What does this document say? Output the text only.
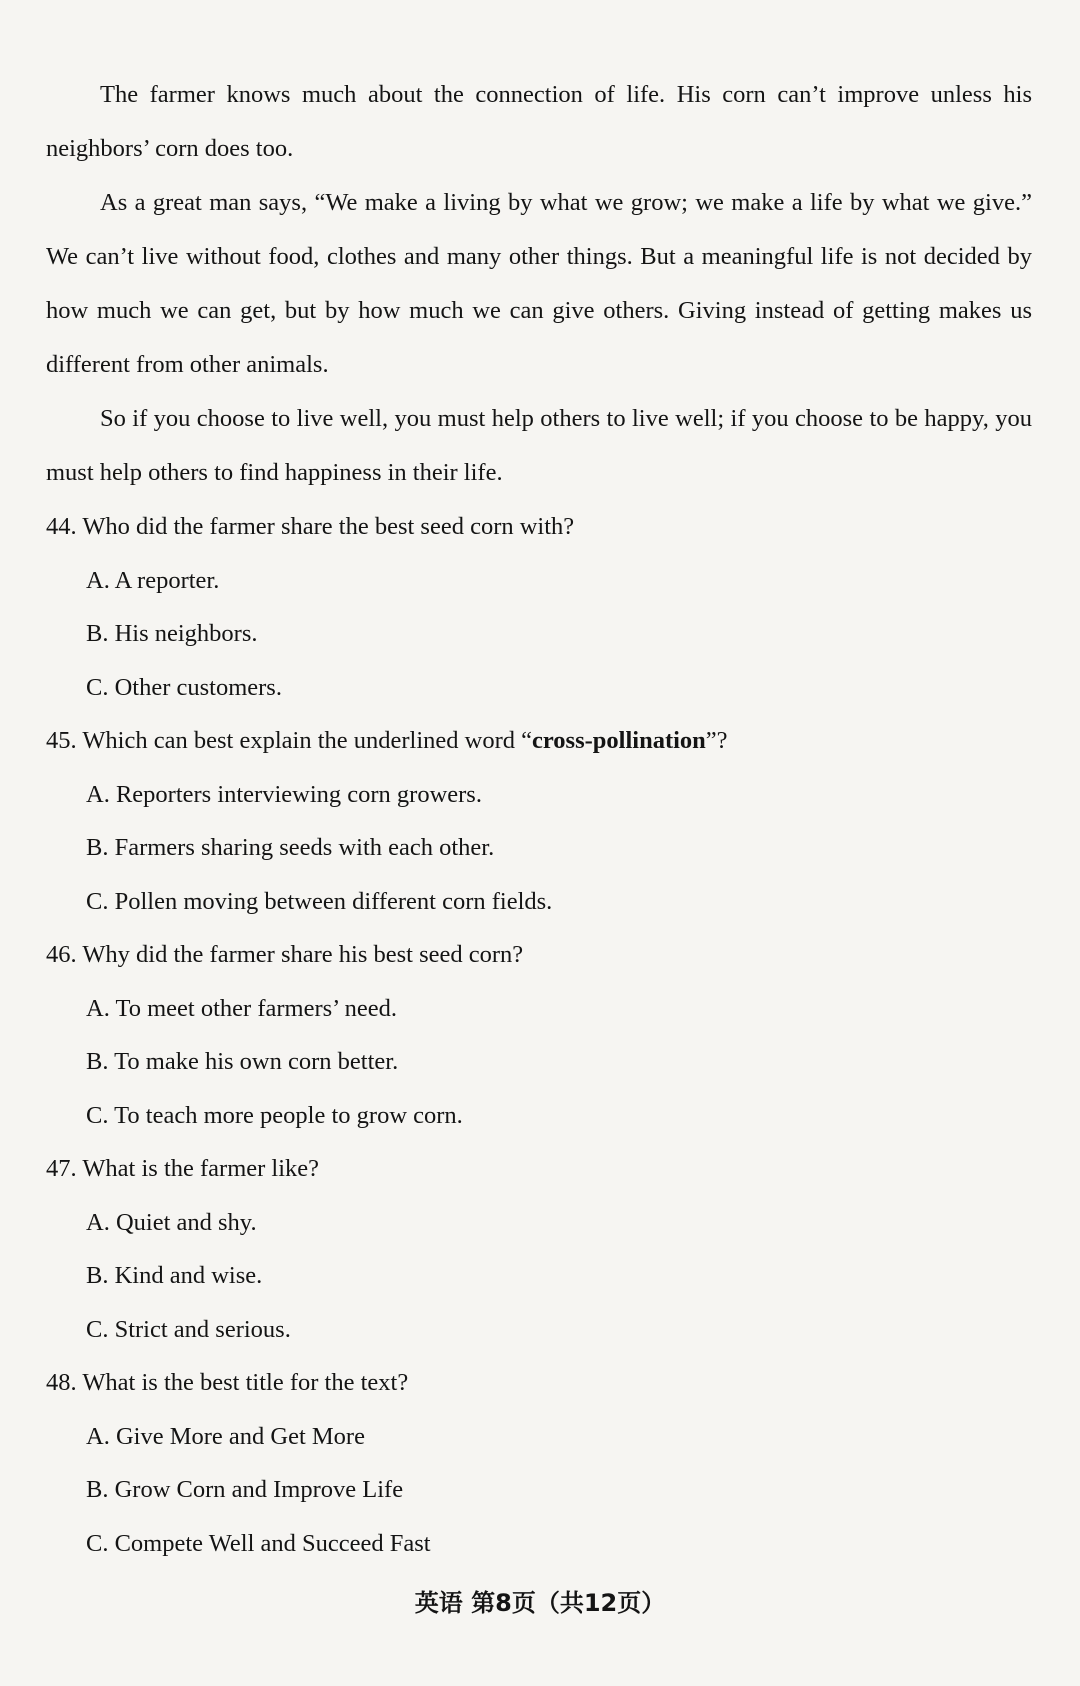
The farmer knows much about the connection of life. His corn can’t improve unless his neighbors’ corn does too.

As a great man says, “We make a living by what we grow; we make a life by what we give.” We can’t live without food, clothes and many other things. But a meaningful life is not decided by how much we can get, but by how much we can give others. Giving instead of getting makes us different from other animals.

So if you choose to live well, you must help others to live well; if you choose to be happy, you must help others to find happiness in their life.

44. Who did the farmer share the best seed corn with?

A. A reporter.
B. His neighbors.
C. Other customers.

45. Which can best explain the underlined word “cross-pollination”?

A. Reporters interviewing corn growers.
B. Farmers sharing seeds with each other.
C. Pollen moving between different corn fields.

46. Why did the farmer share his best seed corn?

A. To meet other farmers’ need.
B. To make his own corn better.
C. To teach more people to grow corn.

47. What is the farmer like?

A. Quiet and shy.
B. Kind and wise.
C. Strict and serious.

48. What is the best title for the text?

A. Give More and Get More
B. Grow Corn and Improve Life
C. Compete Well and Succeed Fast
英语 第8页（共12页）
